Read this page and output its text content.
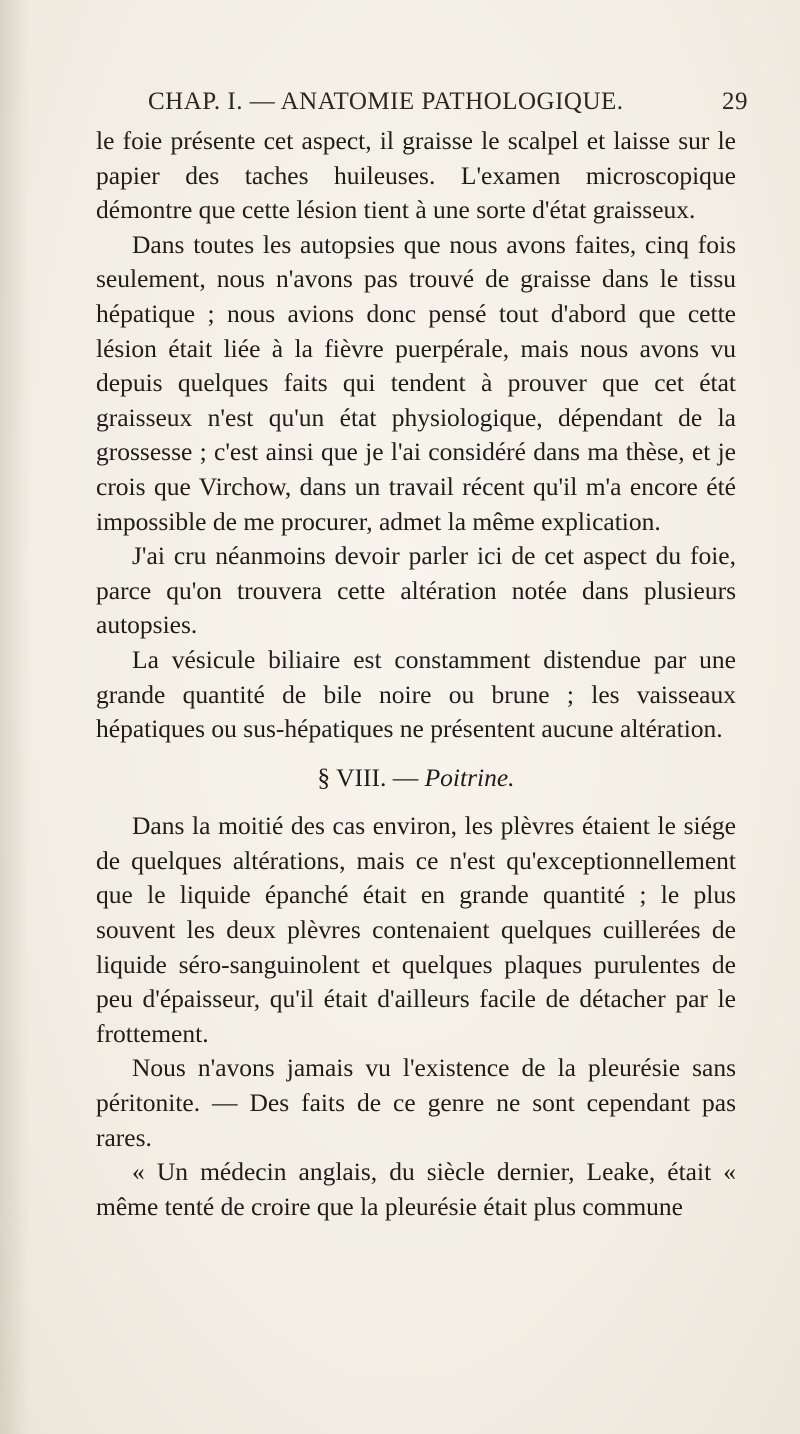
CHAP. I. — ANATOMIE PATHOLOGIQUE.	29

le foie présente cet aspect, il graisse le scalpel et laisse sur le papier des taches huileuses. L'examen microscopique démontre que cette lésion tient à une sorte d'état graisseux.

Dans toutes les autopsies que nous avons faites, cinq fois seulement, nous n'avons pas trouvé de graisse dans le tissu hépatique ; nous avions donc pensé tout d'abord que cette lésion était liée à la fièvre puerpérale, mais nous avons vu depuis quelques faits qui tendent à prouver que cet état graisseux n'est qu'un état physiologique, dépendant de la grossesse ; c'est ainsi que je l'ai considéré dans ma thèse, et je crois que Virchow, dans un travail récent qu'il m'a encore été impossible de me procurer, admet la même explication.

J'ai cru néanmoins devoir parler ici de cet aspect du foie, parce qu'on trouvera cette altération notée dans plusieurs autopsies.

La vésicule biliaire est constamment distendue par une grande quantité de bile noire ou brune ; les vaisseaux hépatiques ou sus-hépatiques ne présentent aucune altération.

§ VIII. — Poitrine.

Dans la moitié des cas environ, les plèvres étaient le siége de quelques altérations, mais ce n'est qu'exceptionnellement que le liquide épanché était en grande quantité ; le plus souvent les deux plèvres contenaient quelques cuillerées de liquide séro-sanguinolent et quelques plaques purulentes de peu d'épaisseur, qu'il était d'ailleurs facile de détacher par le frottement.

Nous n'avons jamais vu l'existence de la pleurésie sans péritonite. — Des faits de ce genre ne sont cependant pas rares.

« Un médecin anglais, du siècle dernier, Leake, était « même tenté de croire que la pleurésie était plus commune
